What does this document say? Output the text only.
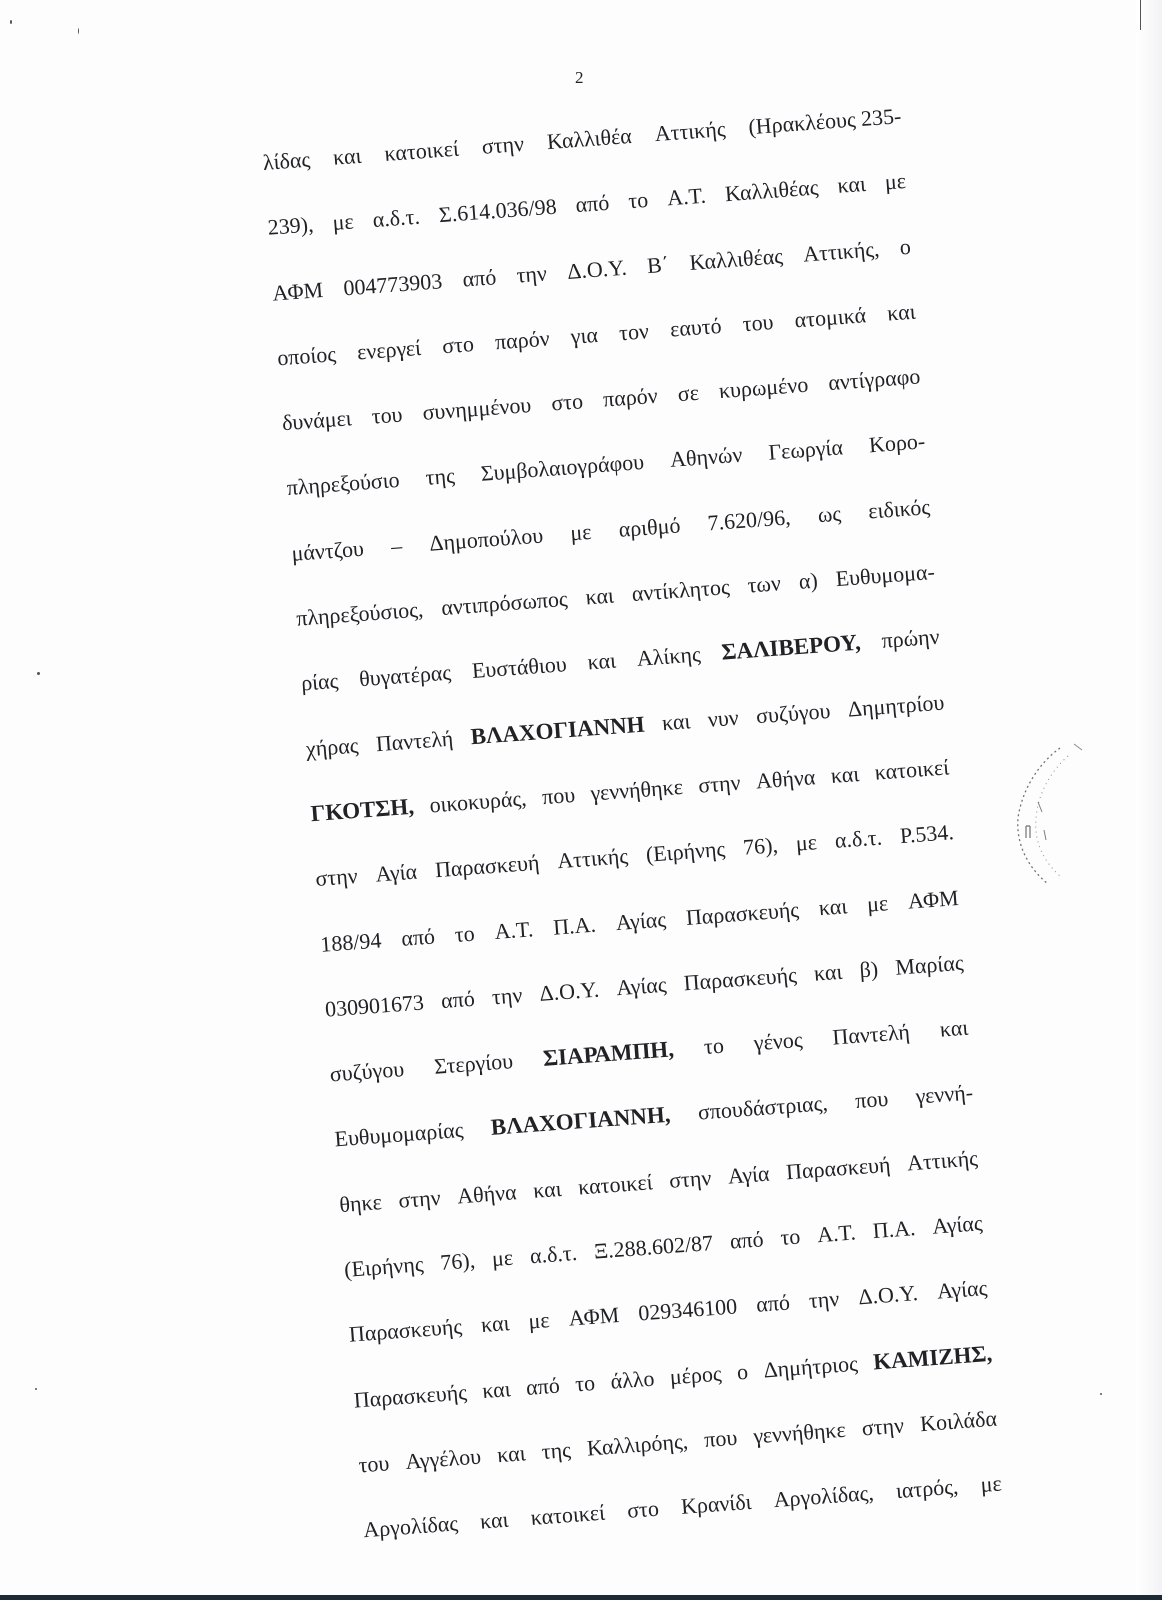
2
λίδας και κατοικεί στην Καλλιθέα Αττικής (Ηρακλέους 235-
239), με α.δ.τ. Σ.614.036/98 από το Α.Τ. Καλλιθέας και με
ΑΦΜ 004773903 από την Δ.Ο.Υ. Β΄ Καλλιθέας Αττικής, ο
οποίος ενεργεί στο παρόν για τον εαυτό του ατομικά και
δυνάμει του συνημμένου στο παρόν σε κυρωμένο αντίγραφο
πληρεξούσιο της Συμβολαιογράφου Αθηνών Γεωργία Κορο-
μάντζου – Δημοπούλου με αριθμό 7.620/96, ως ειδικός
πληρεξούσιος, αντιπρόσωπος και αντίκλητος των α) Ευθυμομα-
ρίας θυγατέρας Ευστάθιου και Αλίκης ΣΑΛΙΒΕΡΟΥ, πρώην
χήρας Παντελή ΒΛΑΧΟΓΙΑΝΝΗ και νυν συζύγου Δημητρίου
ΓΚΟΤΣΗ, οικοκυράς, που γεννήθηκε στην Αθήνα και κατοικεί
στην Αγία Παρασκευή Αττικής (Ειρήνης 76), με α.δ.τ. Ρ.534.
188/94 από το Α.Τ. Π.Α. Αγίας Παρασκευής και με ΑΦΜ
030901673 από την Δ.Ο.Υ. Αγίας Παρασκευής και β) Μαρίας
συζύγου Στεργίου ΣΙΑΡΑΜΠΗ, το γένος Παντελή και
Ευθυμομαρίας ΒΛΑΧΟΓΙΑΝΝΗ, σπουδάστριας, που γεννή-
θηκε στην Αθήνα και κατοικεί στην Αγία Παρασκευή Αττικής
(Ειρήνης 76), με α.δ.τ. Ξ.288.602/87 από το Α.Τ. Π.Α. Αγίας
Παρασκευής και με ΑΦΜ 029346100 από την Δ.Ο.Υ. Αγίας
Παρασκευής και από το άλλο μέρος ο Δημήτριος ΚΑΜΙΖΗΣ,
του Αγγέλου και της Καλλιρόης, που γεννήθηκε στην Κοιλάδα
Αργολίδας και κατοικεί στο Κρανίδι Αργολίδας, ιατρός, με
